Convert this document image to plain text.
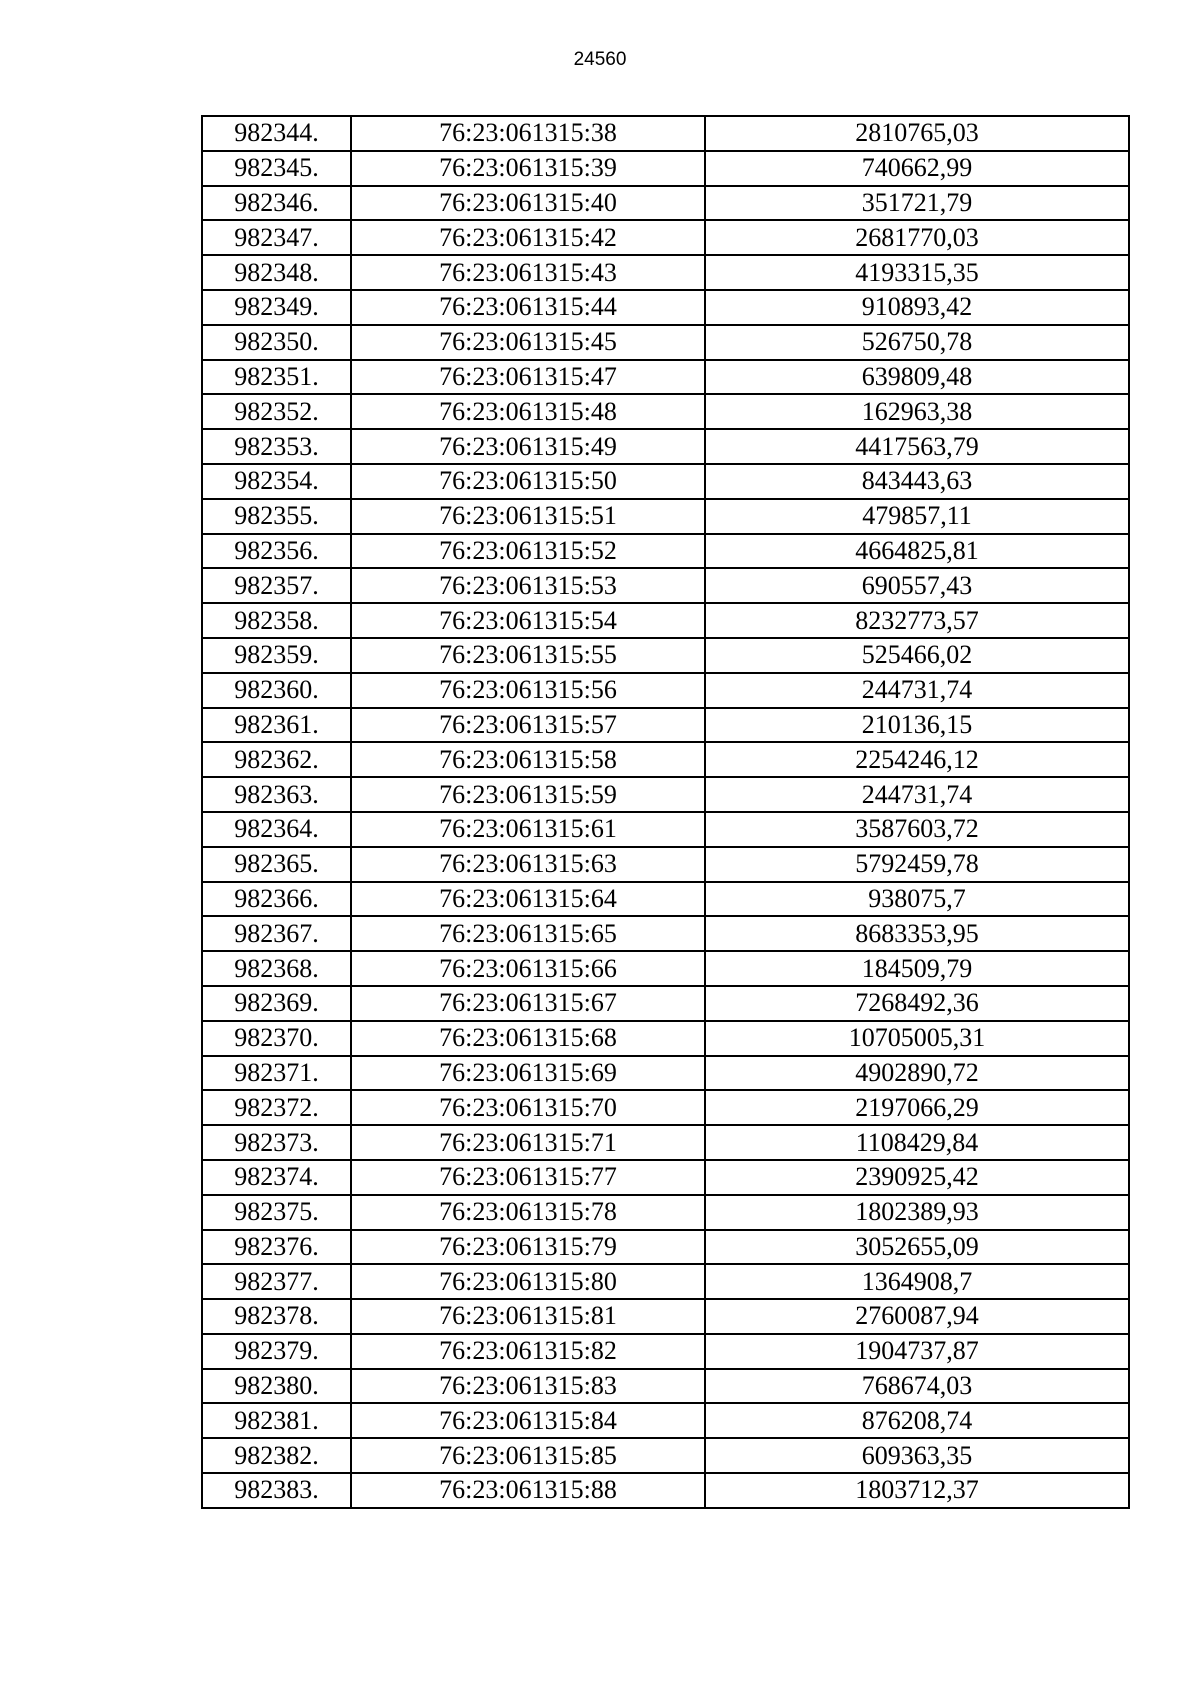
24560
982344.	76:23:061315:38	2810765,03
982345.	76:23:061315:39	740662,99
982346.	76:23:061315:40	351721,79
982347.	76:23:061315:42	2681770,03
982348.	76:23:061315:43	4193315,35
982349.	76:23:061315:44	910893,42
982350.	76:23:061315:45	526750,78
982351.	76:23:061315:47	639809,48
982352.	76:23:061315:48	162963,38
982353.	76:23:061315:49	4417563,79
982354.	76:23:061315:50	843443,63
982355.	76:23:061315:51	479857,11
982356.	76:23:061315:52	4664825,81
982357.	76:23:061315:53	690557,43
982358.	76:23:061315:54	8232773,57
982359.	76:23:061315:55	525466,02
982360.	76:23:061315:56	244731,74
982361.	76:23:061315:57	210136,15
982362.	76:23:061315:58	2254246,12
982363.	76:23:061315:59	244731,74
982364.	76:23:061315:61	3587603,72
982365.	76:23:061315:63	5792459,78
982366.	76:23:061315:64	938075,7
982367.	76:23:061315:65	8683353,95
982368.	76:23:061315:66	184509,79
982369.	76:23:061315:67	7268492,36
982370.	76:23:061315:68	10705005,31
982371.	76:23:061315:69	4902890,72
982372.	76:23:061315:70	2197066,29
982373.	76:23:061315:71	1108429,84
982374.	76:23:061315:77	2390925,42
982375.	76:23:061315:78	1802389,93
982376.	76:23:061315:79	3052655,09
982377.	76:23:061315:80	1364908,7
982378.	76:23:061315:81	2760087,94
982379.	76:23:061315:82	1904737,87
982380.	76:23:061315:83	768674,03
982381.	76:23:061315:84	876208,74
982382.	76:23:061315:85	609363,35
982383.	76:23:061315:88	1803712,37
